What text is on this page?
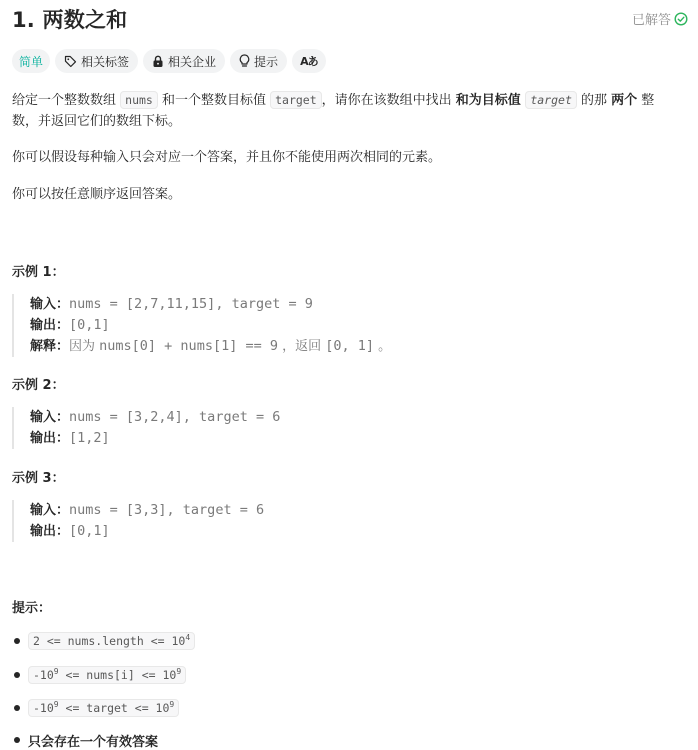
1. 两数之和	已解答
简单	相关标签	相关企业	提示 Aあ
给定一个整数数组 nums 和一个整数目标值 target ，请你在该数组中找出 和为目标值 target 的那 两个 整
数，并返回它们的数组下标。
你可以假设每种输入只会对应一个答案，并且你不能使用两次相同的元素。
你可以按任意顺序返回答案。
示例 1：
输入：nums = [2,7,11,15], target = 9
输出：[0,1]
解释：因为 nums[0] + nums[1] == 9 ，返回 [0, 1] 。
示例 2：
输入：nums = [3,2,4], target = 6
输出：[1,2]
示例 3：
输入：nums = [3,3], target = 6
输出：[0,1]
提示：
2 <= nums.length <= $10^4$
$-10^9$ <= nums[i] <= $10^9$
$-10^9$ <= target <= $10^9$
只会存在一个有效答案
